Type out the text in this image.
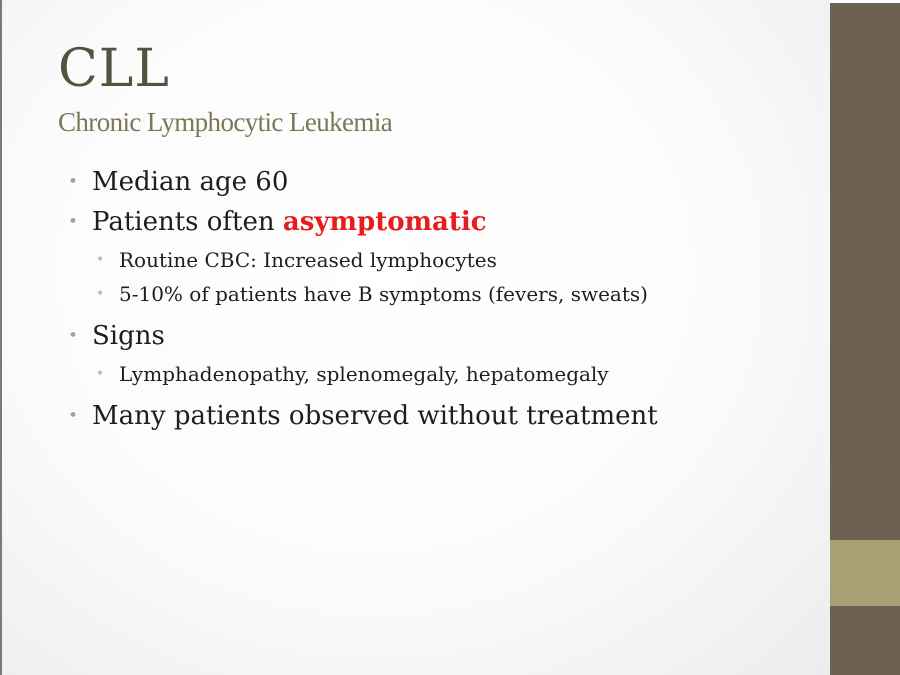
CLL
Chronic Lymphocytic Leukemia
• Median age 60
• Patients often asymptomatic
• Routine CBC: Increased lymphocytes
• 5-10% of patients have B symptoms (fevers, sweats)
• Signs
• Lymphadenopathy, splenomegaly, hepatomegaly
• Many patients observed without treatment
